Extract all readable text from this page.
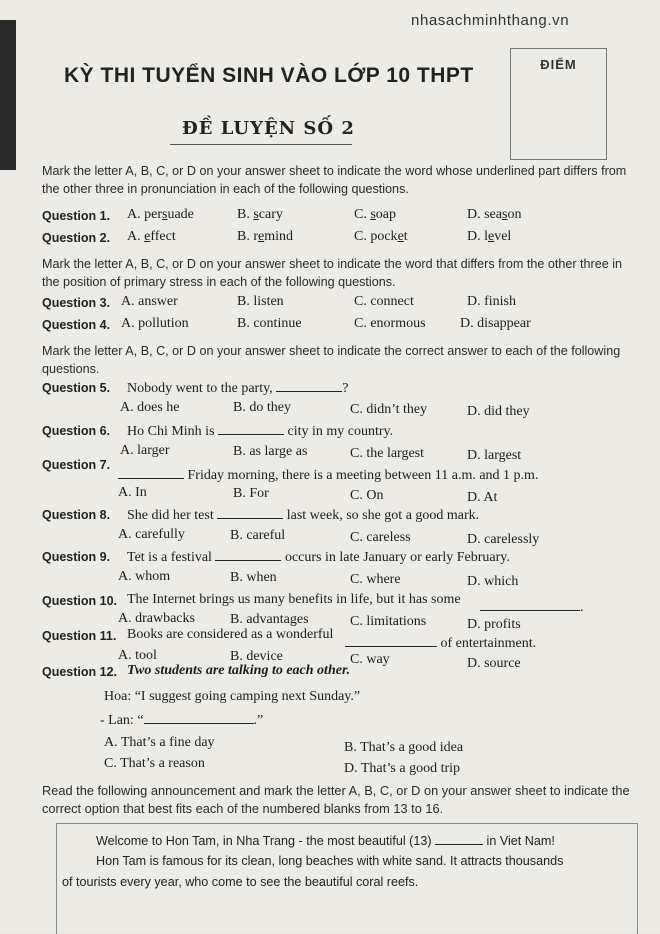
nhasachminhthang.vn
KỲ THI TUYỂN SINH VÀO LỚP 10 THPT
ĐỀ LUYỆN SỐ 2
ĐIỂM
Mark the letter A, B, C, or D on your answer sheet to indicate the word whose underlined part differs from the other three in pronunciation in each of the following questions.
Question 1. A. persuade	B. scary	C. soap	D. season
Question 2. A. effect	B. remind	C. pocket	D. level
Mark the letter A, B, C, or D on your answer sheet to indicate the word that differs from the other three in the position of primary stress in each of the following questions.
Question 3. A. answer	B. listen	C. connect	D. finish
Question 4. A. pollution	B. continue	C. enormous D. disappear
Mark the letter A, B, C, or D on your answer sheet to indicate the correct answer to each of the following questions.
Question 5. Nobody went to the party,	?
A. does he	B. do they	C. didn’t they	D. did they
Question 6. Ho Chi Minh is	city in my country.
A. larger	B. as large as	C. the largest	D. largest
Question 7.
Friday morning, there is a meeting between 11 a.m. and 1 p.m.
A. In	B. For	C. On	D. At
Question 8. She did her test	last week, so she got a good mark.
A. carefully	B. careful	C. careless	D. carelessly
Question 9. Tet is a festival	occurs in late January or early February.
A. whom	B. when	C. where	D. which
Question 10. The Internet brings us many benefits in life, but it has some
.
A. drawbacks	B. advantages	C. limitations	D. profits
Question 11. Books are considered as a wonderful
of entertainment.
A. tool	B. device	C. way	D. source
Question 12. Two students are talking to each other.
Hoa: “I suggest going camping next Sunday.”
- Lan: “	.”
A. That’s a fine day	B. That’s a good idea
C. That’s a reason	D. That’s a good trip
Read the following announcement and mark the letter A, B, C, or D on your answer sheet to indicate the correct option that best fits each of the numbered blanks from 13 to 16.
Welcome to Hon Tam, in Nha Trang - the most beautiful (13)	in Viet Nam!
Hon Tam is famous for its clean, long beaches with white sand. It attracts thousands
of tourists every year, who come to see the beautiful coral reefs.
